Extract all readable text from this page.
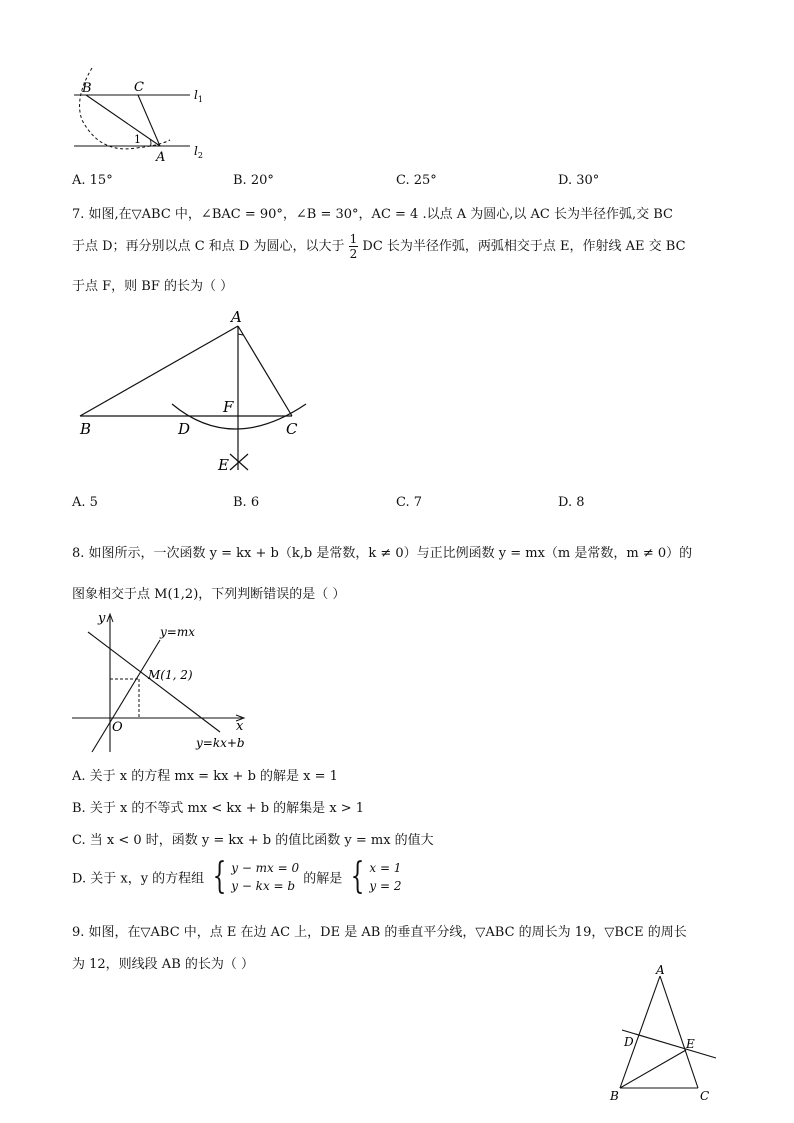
B	C
A
1
$l_1$
$l_2$
A. 15°	B. 20°	C. 25°	D. 30°
7. 如图,在▽ABC 中，∠BAC = 90°，∠B = 30°，AC = 4 .以点 A 为圆心,以 AC 长为半径作弧,交 BC
于点 D；再分别以点 C 和点 D 为圆心，以大于 $\frac{1}{2}$ DC 长为半径作弧，两弧相交于点 E，作射线 AE 交 BC
于点 F，则 BF 的长为（ ）
A
B	D
F
C
E
A. 5	B. 6	C. 7	D. 8
8. 如图所示，一次函数 y = kx + b（k,b 是常数，k ≠ 0）与正比例函数 y = mx（m 是常数，m ≠ 0）的
图象相交于点 M(1,2)，下列判断错误的是（ ）
y
x
O
y=mx
M(1, 2)
y=kx+b
A. 关于 x 的方程 mx = kx + b 的解是 x = 1
B. 关于 x 的不等式 mx < kx + b 的解集是 x > 1
C. 当 x < 0 时，函数 y = kx + b 的值比函数 y = mx 的值大
D. 关于 x，y 的方程组 { y − mx = 0
y − kx = b 的解是 { x = 1
y = 2
9. 如图，在▽ABC 中，点 E 在边 AC 上，DE 是 AB 的垂直平分线，▽ABC 的周长为 19，▽BCE 的周长
为 12，则线段 AB 的长为（ ）	A
D	E
B	C
